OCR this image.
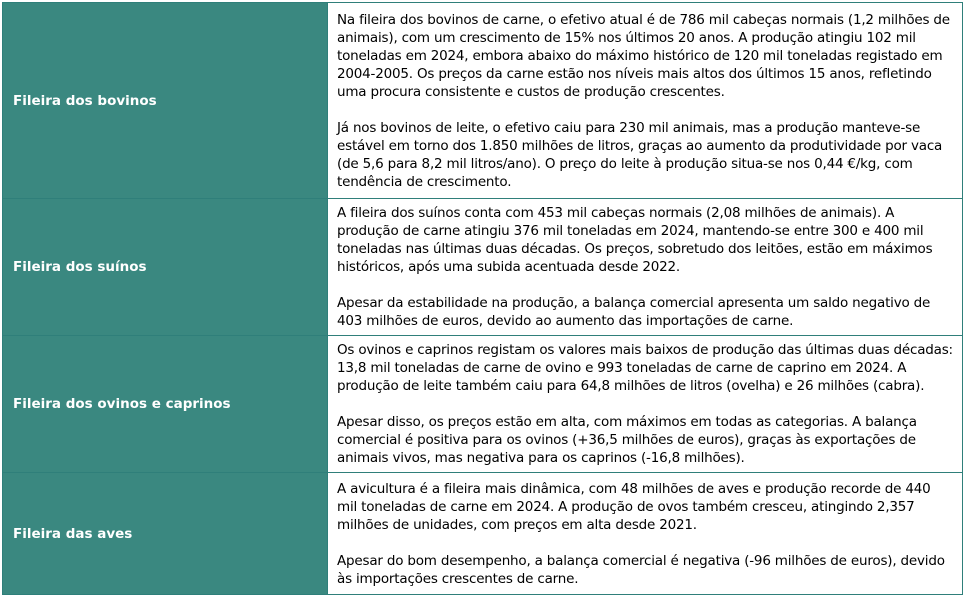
Fileira dos bovinos	Na fileira dos bovinos de carne, o efetivo atual é de 786 mil cabeças normais (1,2 milhões de animais), com um crescimento de 15% nos últimos 20 anos. A produção atingiu 102 mil toneladas em 2024, embora abaixo do máximo histórico de 120 mil toneladas registado em 2004-2005. Os preços da carne estão nos níveis mais altos dos últimos 15 anos, refletindo uma procura consistente e custos de produção crescentes.

Já nos bovinos de leite, o efetivo caiu para 230 mil animais, mas a produção manteve-se estável em torno dos 1.850 milhões de litros, graças ao aumento da produtividade por vaca (de 5,6 para 8,2 mil litros/ano). O preço do leite à produção situa-se nos 0,44 €/kg, com tendência de crescimento.

Fileira dos suínos	A fileira dos suínos conta com 453 mil cabeças normais (2,08 milhões de animais). A produção de carne atingiu 376 mil toneladas em 2024, mantendo-se entre 300 e 400 mil toneladas nas últimas duas décadas. Os preços, sobretudo dos leitões, estão em máximos históricos, após uma subida acentuada desde 2022.

Apesar da estabilidade na produção, a balança comercial apresenta um saldo negativo de 403 milhões de euros, devido ao aumento das importações de carne.

Fileira dos ovinos e caprinos	Os ovinos e caprinos registam os valores mais baixos de produção das últimas duas décadas: 13,8 mil toneladas de carne de ovino e 993 toneladas de carne de caprino em 2024. A produção de leite também caiu para 64,8 milhões de litros (ovelha) e 26 milhões (cabra).

Apesar disso, os preços estão em alta, com máximos em todas as categorias. A balança comercial é positiva para os ovinos (+36,5 milhões de euros), graças às exportações de animais vivos, mas negativa para os caprinos (-16,8 milhões).

Fileira das aves	A avicultura é a fileira mais dinâmica, com 48 milhões de aves e produção recorde de 440 mil toneladas de carne em 2024. A produção de ovos também cresceu, atingindo 2,357 milhões de unidades, com preços em alta desde 2021.

Apesar do bom desempenho, a balança comercial é negativa (-96 milhões de euros), devido às importações crescentes de carne.
